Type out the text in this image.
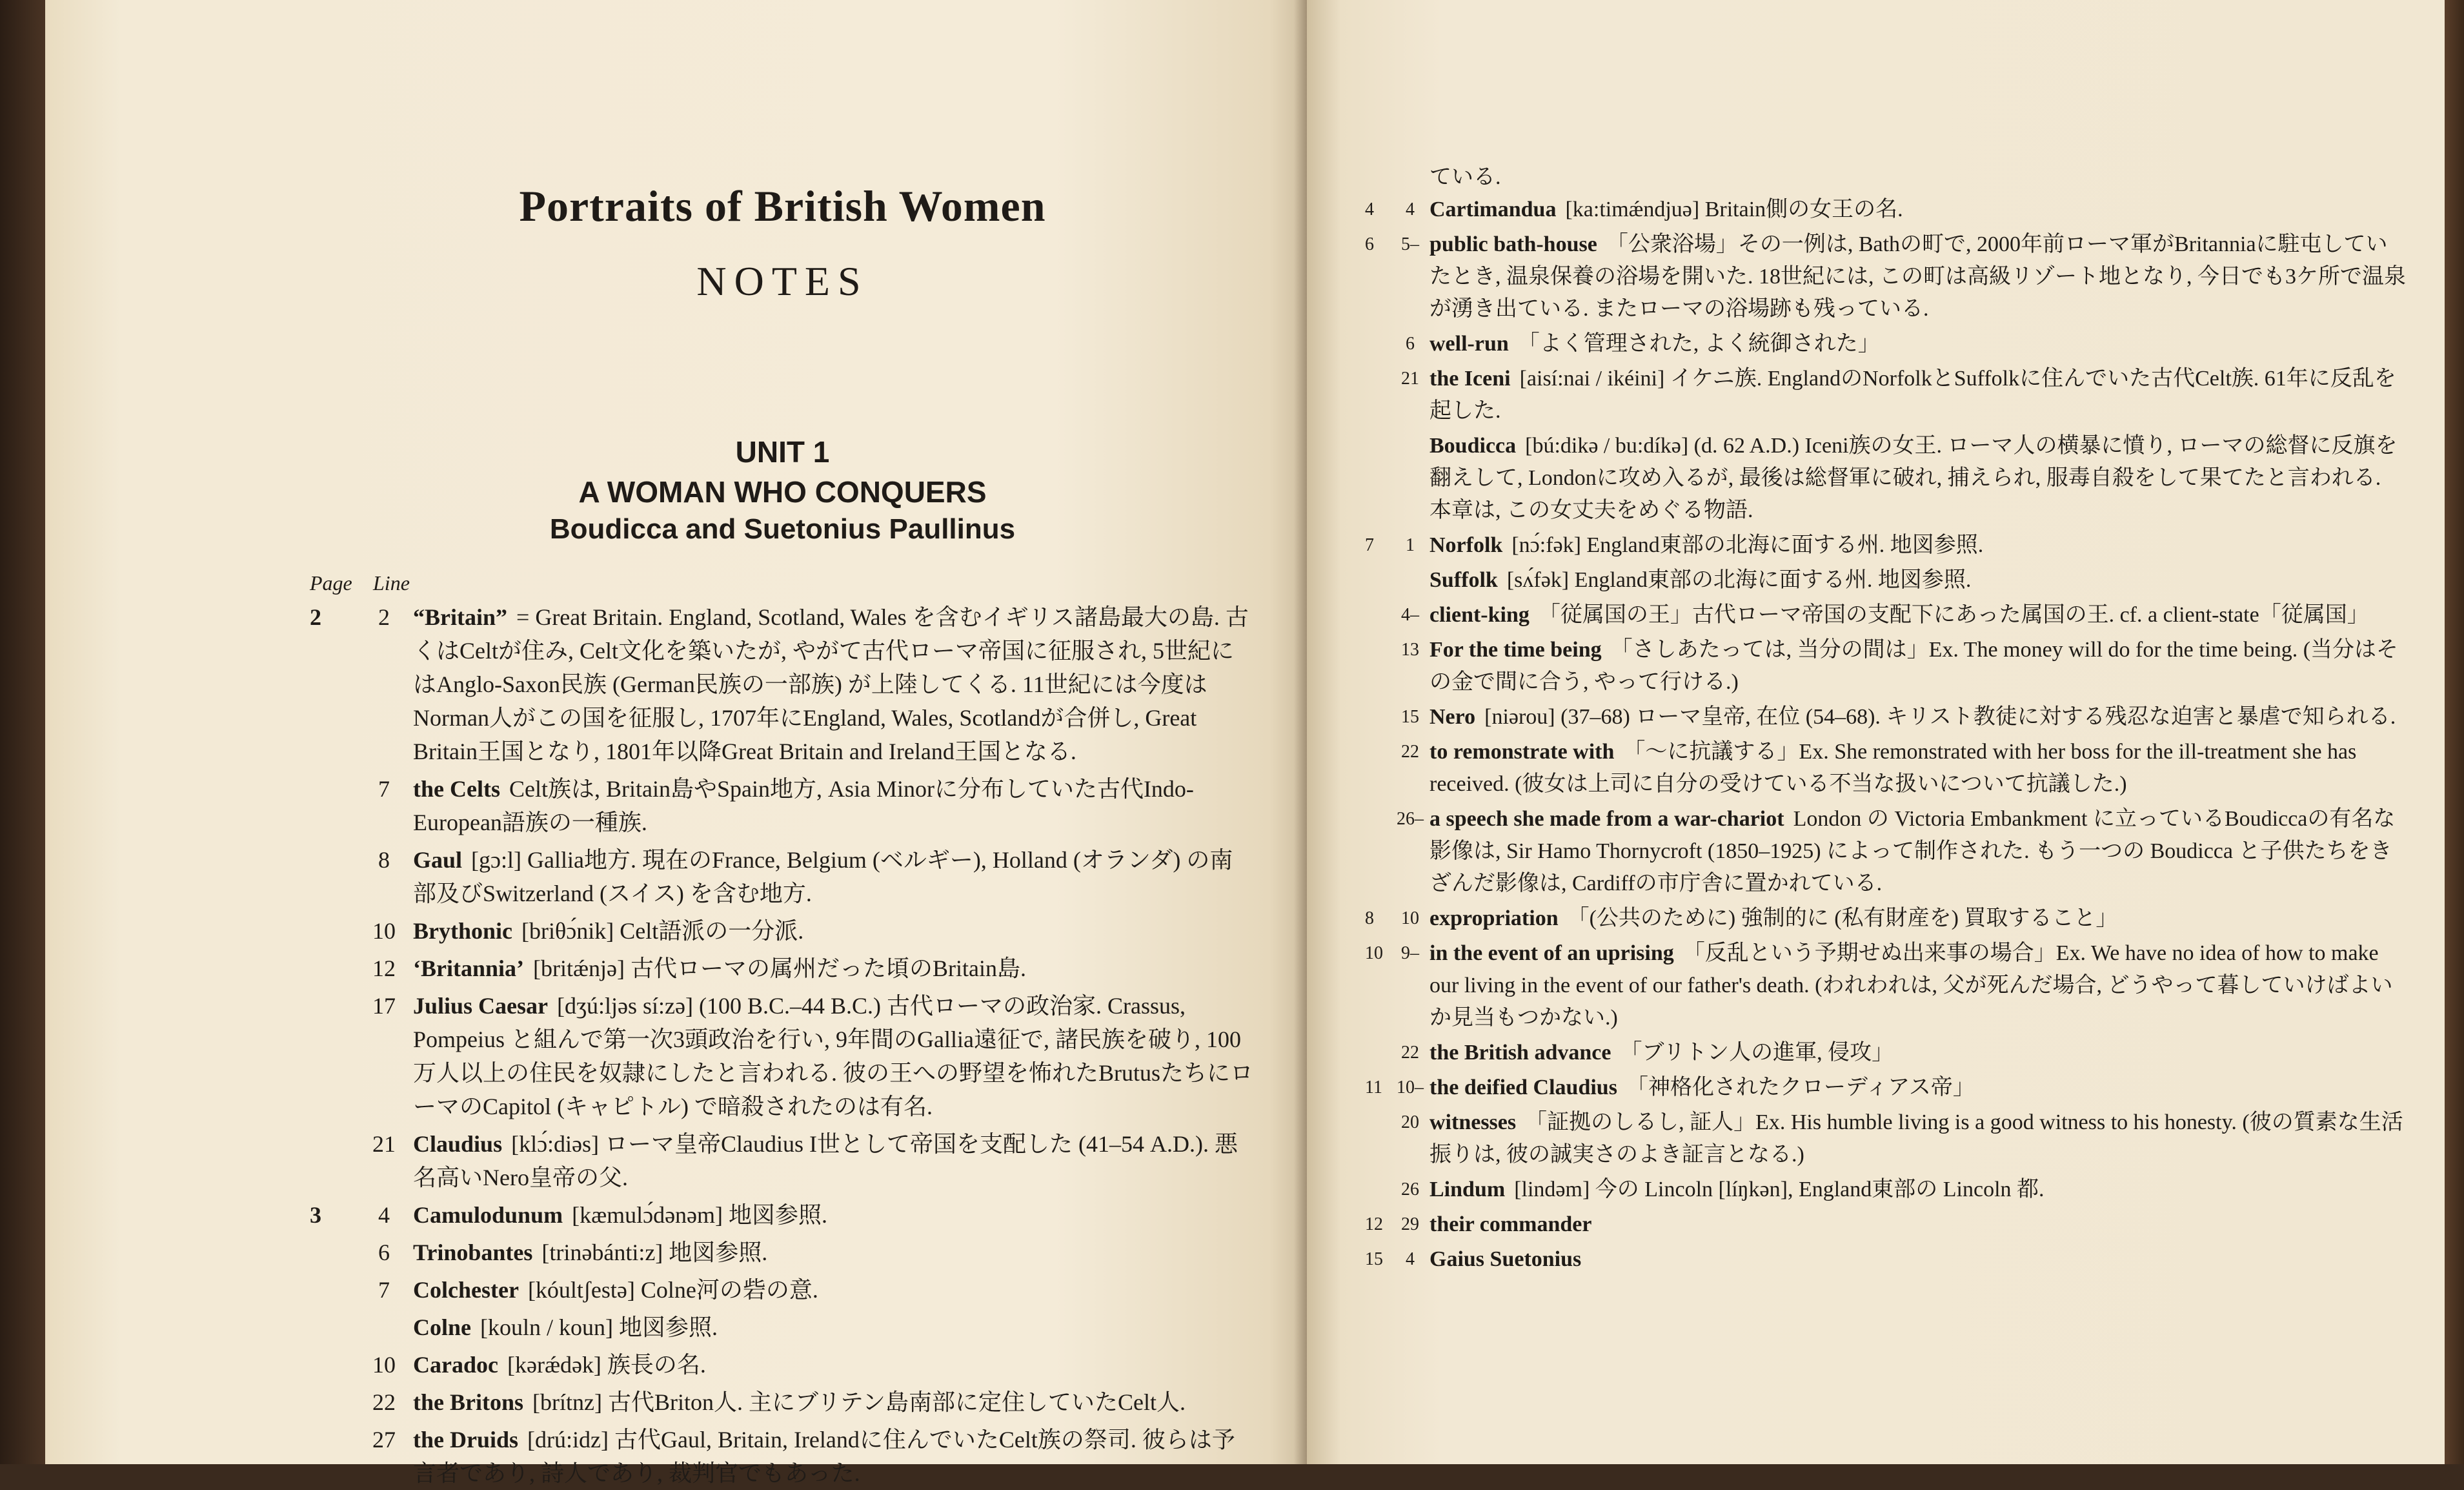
Portraits of British Women
NOTES
UNIT 1
A WOMAN WHO CONQUERS
Boudicca and Suetonius Paullinus
Page Line
2	2	“Britain” = Great Britain. England, Scotland, Wales を含むイギリス諸島最大の島. 古くはCeltが住み, Celt文化を築いたが, やがて古代ローマ帝国に征服され, 5世紀にはAnglo-Saxon民族 (German民族の一部族) が上陸してくる. 11世紀には今度はNorman人がこの国を征服し, 1707年にEngland, Wales, Scotlandが合併し, Great Britain王国となり, 1801年以降Great Britain and Ireland王国となる.
7	the Celts Celt族は, Britain島やSpain地方, Asia Minorに分布していた古代Indo-European語族の一種族.
8	Gaul [gɔ:l] Gallia地方. 現在のFrance, Belgium (ベルギー), Holland (オランダ) の南部及びSwitzerland (スイス) を含む地方.
10 Brythonic [briθɔ́nik] Celt語派の一分派.
12 ‘Britannia’ [britǽnjə] 古代ローマの属州だった頃のBritain島.
17 Julius Caesar [dʒú:ljəs sí:zə] (100 B.C.–44 B.C.) 古代ローマの政治家. Crassus, Pompeius と組んで第一次3頭政治を行い, 9年間のGallia遠征で, 諸民族を破り, 100万人以上の住民を奴隷にしたと言われる. 彼の王への野望を怖れたBrutusたちにローマのCapitol (キャピトル) で暗殺されたのは有名.
21 Claudius [klɔ́:diəs] ローマ皇帝Claudius I世として帝国を支配した (41–54 A.D.). 悪名高いNero皇帝の父.
3	4	Camulodunum [kæmulɔ́dənəm] 地図参照.
6	Trinobantes [trinəbánti:z] 地図参照.
7	Colchester [kóultʃestə] Colne河の砦の意.
Colne [kouln / koun] 地図参照.
10 Caradoc [kərǽdək] 族長の名.
22 the Britons [brítnz] 古代Briton人. 主にブリテン島南部に定住していたCelt人.
27 the Druids [drú:idz] 古代Gaul, Britain, Irelandに住んでいたCelt族の祭司. 彼らは予言者であり, 詩人であり, 裁判官でもあった.
ている.
4	4 Cartimandua [ka:timǽndjuə] Britain側の女王の名.
6	5– public bath-house 「公衆浴場」その一例は, Bathの町で, 2000年前ローマ軍がBritanniaに駐屯していたとき, 温泉保養の浴場を開いた. 18世紀には, この町は高級リゾート地となり, 今日でも3ケ所で温泉が湧き出ている. またローマの浴場跡も残っている.
6 well-run 「よく管理された, よく統御された」
21 the Iceni [aisí:nai / ikéini] イケニ族. EnglandのNorfolkとSuffolkに住んでいた古代Celt族. 61年に反乱を起した.
Boudicca [bú:dikə / bu:díkə] (d. 62 A.D.) Iceni族の女王. ローマ人の横暴に憤り, ローマの総督に反旗を翻えして, Londonに攻め入るが, 最後は総督軍に破れ, 捕えられ, 服毒自殺をして果てたと言われる. 本章は, この女丈夫をめぐる物語.
7	1 Norfolk [nɔ́:fək] England東部の北海に面する州. 地図参照.
Suffolk [sʌ́fək] England東部の北海に面する州. 地図参照.
4– client-king 「従属国の王」古代ローマ帝国の支配下にあった属国の王. cf. a client-state「従属国」
13 For the time being 「さしあたっては, 当分の間は」Ex. The money will do for the time being. (当分はその金で間に合う, やって行ける.)
15 Nero [niərou] (37–68) ローマ皇帝, 在位 (54–68). キリスト教徒に対する残忍な迫害と暴虐で知られる.
22 to remonstrate with 「〜に抗議する」Ex. She remonstrated with her boss for the ill-treatment she has received. (彼女は上司に自分の受けている不当な扱いについて抗議した.)
26– a speech she made from a war-chariot London の Victoria Embankment に立っているBoudiccaの有名な影像は, Sir Hamo Thornycroft (1850–1925) によって制作された. もう一つの Boudicca と子供たちをきざんだ影像は, Cardiffの市庁舎に置かれている.
8	10 expropriation 「(公共のために) 強制的に (私有財産を) 買取すること」
10	9– in the event of an uprising 「反乱という予期せぬ出来事の場合」Ex. We have no idea of how to make our living in the event of our father's death. (われわれは, 父が死んだ場合, どうやって暮していけばよいか見当もつかない.)
22 the British advance 「ブリトン人の進軍, 侵攻」
11 10– the deified Claudius 「神格化されたクローディアス帝」
20 witnesses 「証拠のしるし, 証人」Ex. His humble living is a good witness to his honesty. (彼の質素な生活振りは, 彼の誠実さのよき証言となる.)
26 Lindum [lindəm] 今の Lincoln [líŋkən], England東部の Lincoln 都.
12	29 their commander
15	4 Gaius Suetonius
